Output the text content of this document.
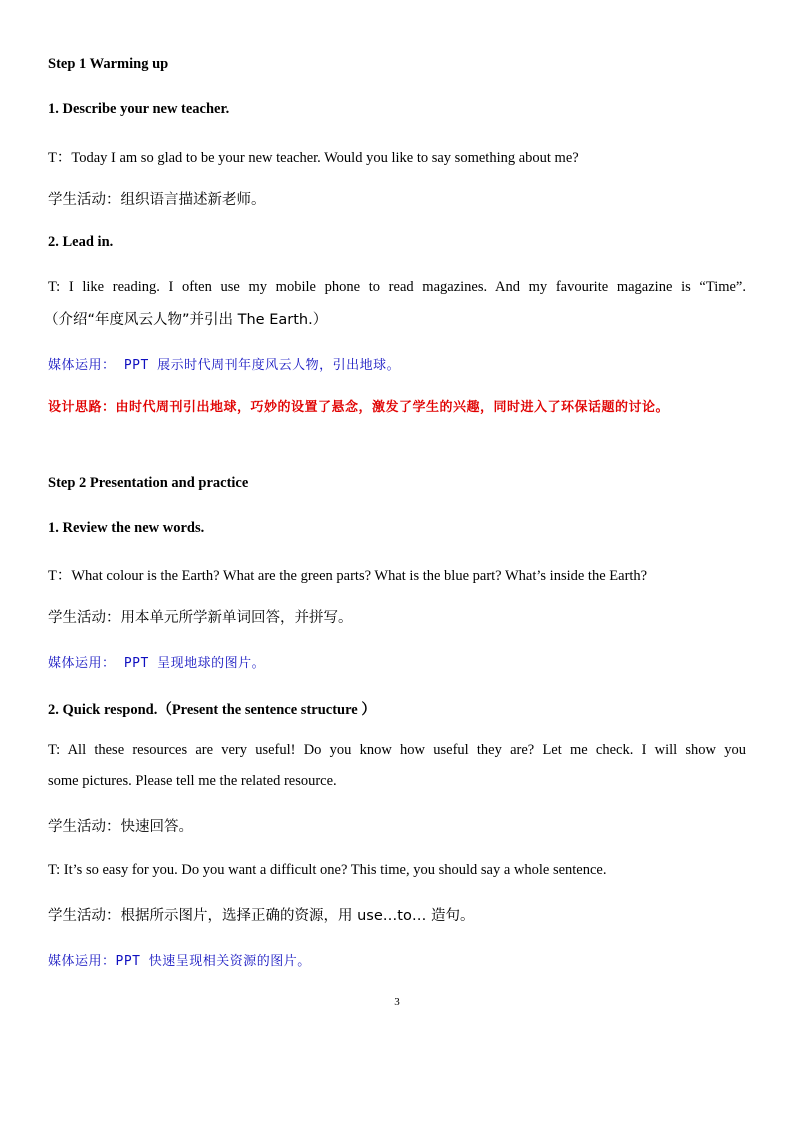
Step 1 Warming up
1. Describe your new teacher.
T：Today I am so glad to be your new teacher. Would you like to say something about me?
学生活动：组织语言描述新老师。
2. Lead in.
T: I like reading. I often use my mobile phone to read magazines. And my favourite magazine is “Time”.
（介绍“年度风云人物”并引出 The Earth.）
媒体运用： PPT 展示时代周刊年度风云人物，引出地球。
设计思路：由时代周刊引出地球，巧妙的设置了悬念，激发了学生的兴趣，同时进入了环保话题的讨论。
Step 2 Presentation and practice
1. Review the new words.
T：What colour is the Earth? What are the green parts? What is the blue part? What’s inside the Earth?
学生活动：用本单元所学新单词回答，并拼写。
媒体运用： PPT 呈现地球的图片。
2. Quick respond.（Present the sentence structure ）
T: All these resources are very useful! Do you know how useful they are? Let me check. I will show you
some pictures. Please tell me the related resource.
学生活动：快速回答。
T: It’s so easy for you. Do you want a difficult one? This time, you should say a whole sentence.
学生活动：根据所示图片，选择正确的资源，用 use…to… 造句。
媒体运用：PPT 快速呈现相关资源的图片。
3
